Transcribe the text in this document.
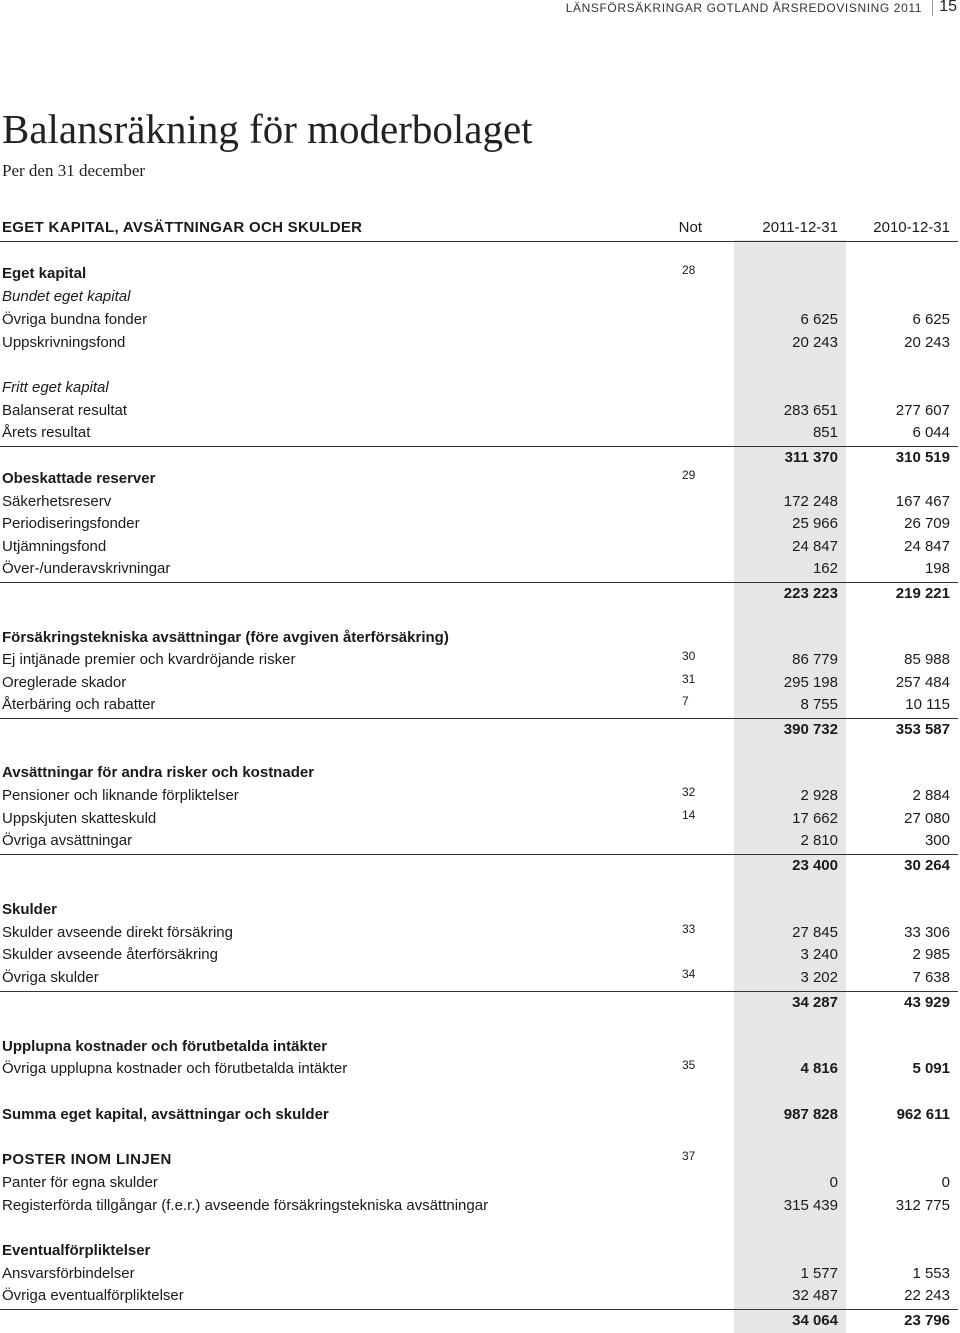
LÄNSFÖRSÄKRINGAR GOTLAND ÅRSREDOVISNING 2011 15
Balansräkning för moderbolaget
Per den 31 december
EGET KAPITAL, AVSÄTTNINGAR OCH SKULDER	Not	2011-12-31	2010-12-31
Eget kapital	28
Bundet eget kapital
Övriga bundna fonder	6 625	6 625
Uppskrivningsfond	20 243	20 243
Fritt eget kapital
Balanserat resultat	283 651	277 607
Årets resultat	851	6 044
311 370	310 519
Obeskattade reserver	29
Säkerhetsreserv	172 248	167 467
Periodiseringsfonder	25 966	26 709
Utjämningsfond	24 847	24 847
Över-/underavskrivningar	162	198
223 223	219 221
Försäkringstekniska avsättningar (före avgiven återförsäkring)
Ej intjänade premier och kvardröjande risker	30	86 779	85 988
Oreglerade skador	31	295 198	257 484
Återbäring och rabatter	7	8 755	10 115
390 732	353 587
Avsättningar för andra risker och kostnader
Pensioner och liknande förpliktelser	32	2 928	2 884
Uppskjuten skatteskuld	14	17 662	27 080
Övriga avsättningar	2 810	300
23 400	30 264
Skulder
Skulder avseende direkt försäkring	33	27 845	33 306
Skulder avseende återförsäkring	3 240	2 985
Övriga skulder	34	3 202	7 638
34 287	43 929
Upplupna kostnader och förutbetalda intäkter
Övriga upplupna kostnader och förutbetalda intäkter	35	4 816	5 091
Summa eget kapital, avsättningar och skulder	987 828	962 611
POSTER INOM LINJEN	37
Panter för egna skulder	0	0
Registerförda tillgångar (f.e.r.) avseende försäkringstekniska avsättningar	315 439	312 775
Eventualförpliktelser
Ansvarsförbindelser	1 577	1 553
Övriga eventualförpliktelser	32 487	22 243
34 064	23 796
